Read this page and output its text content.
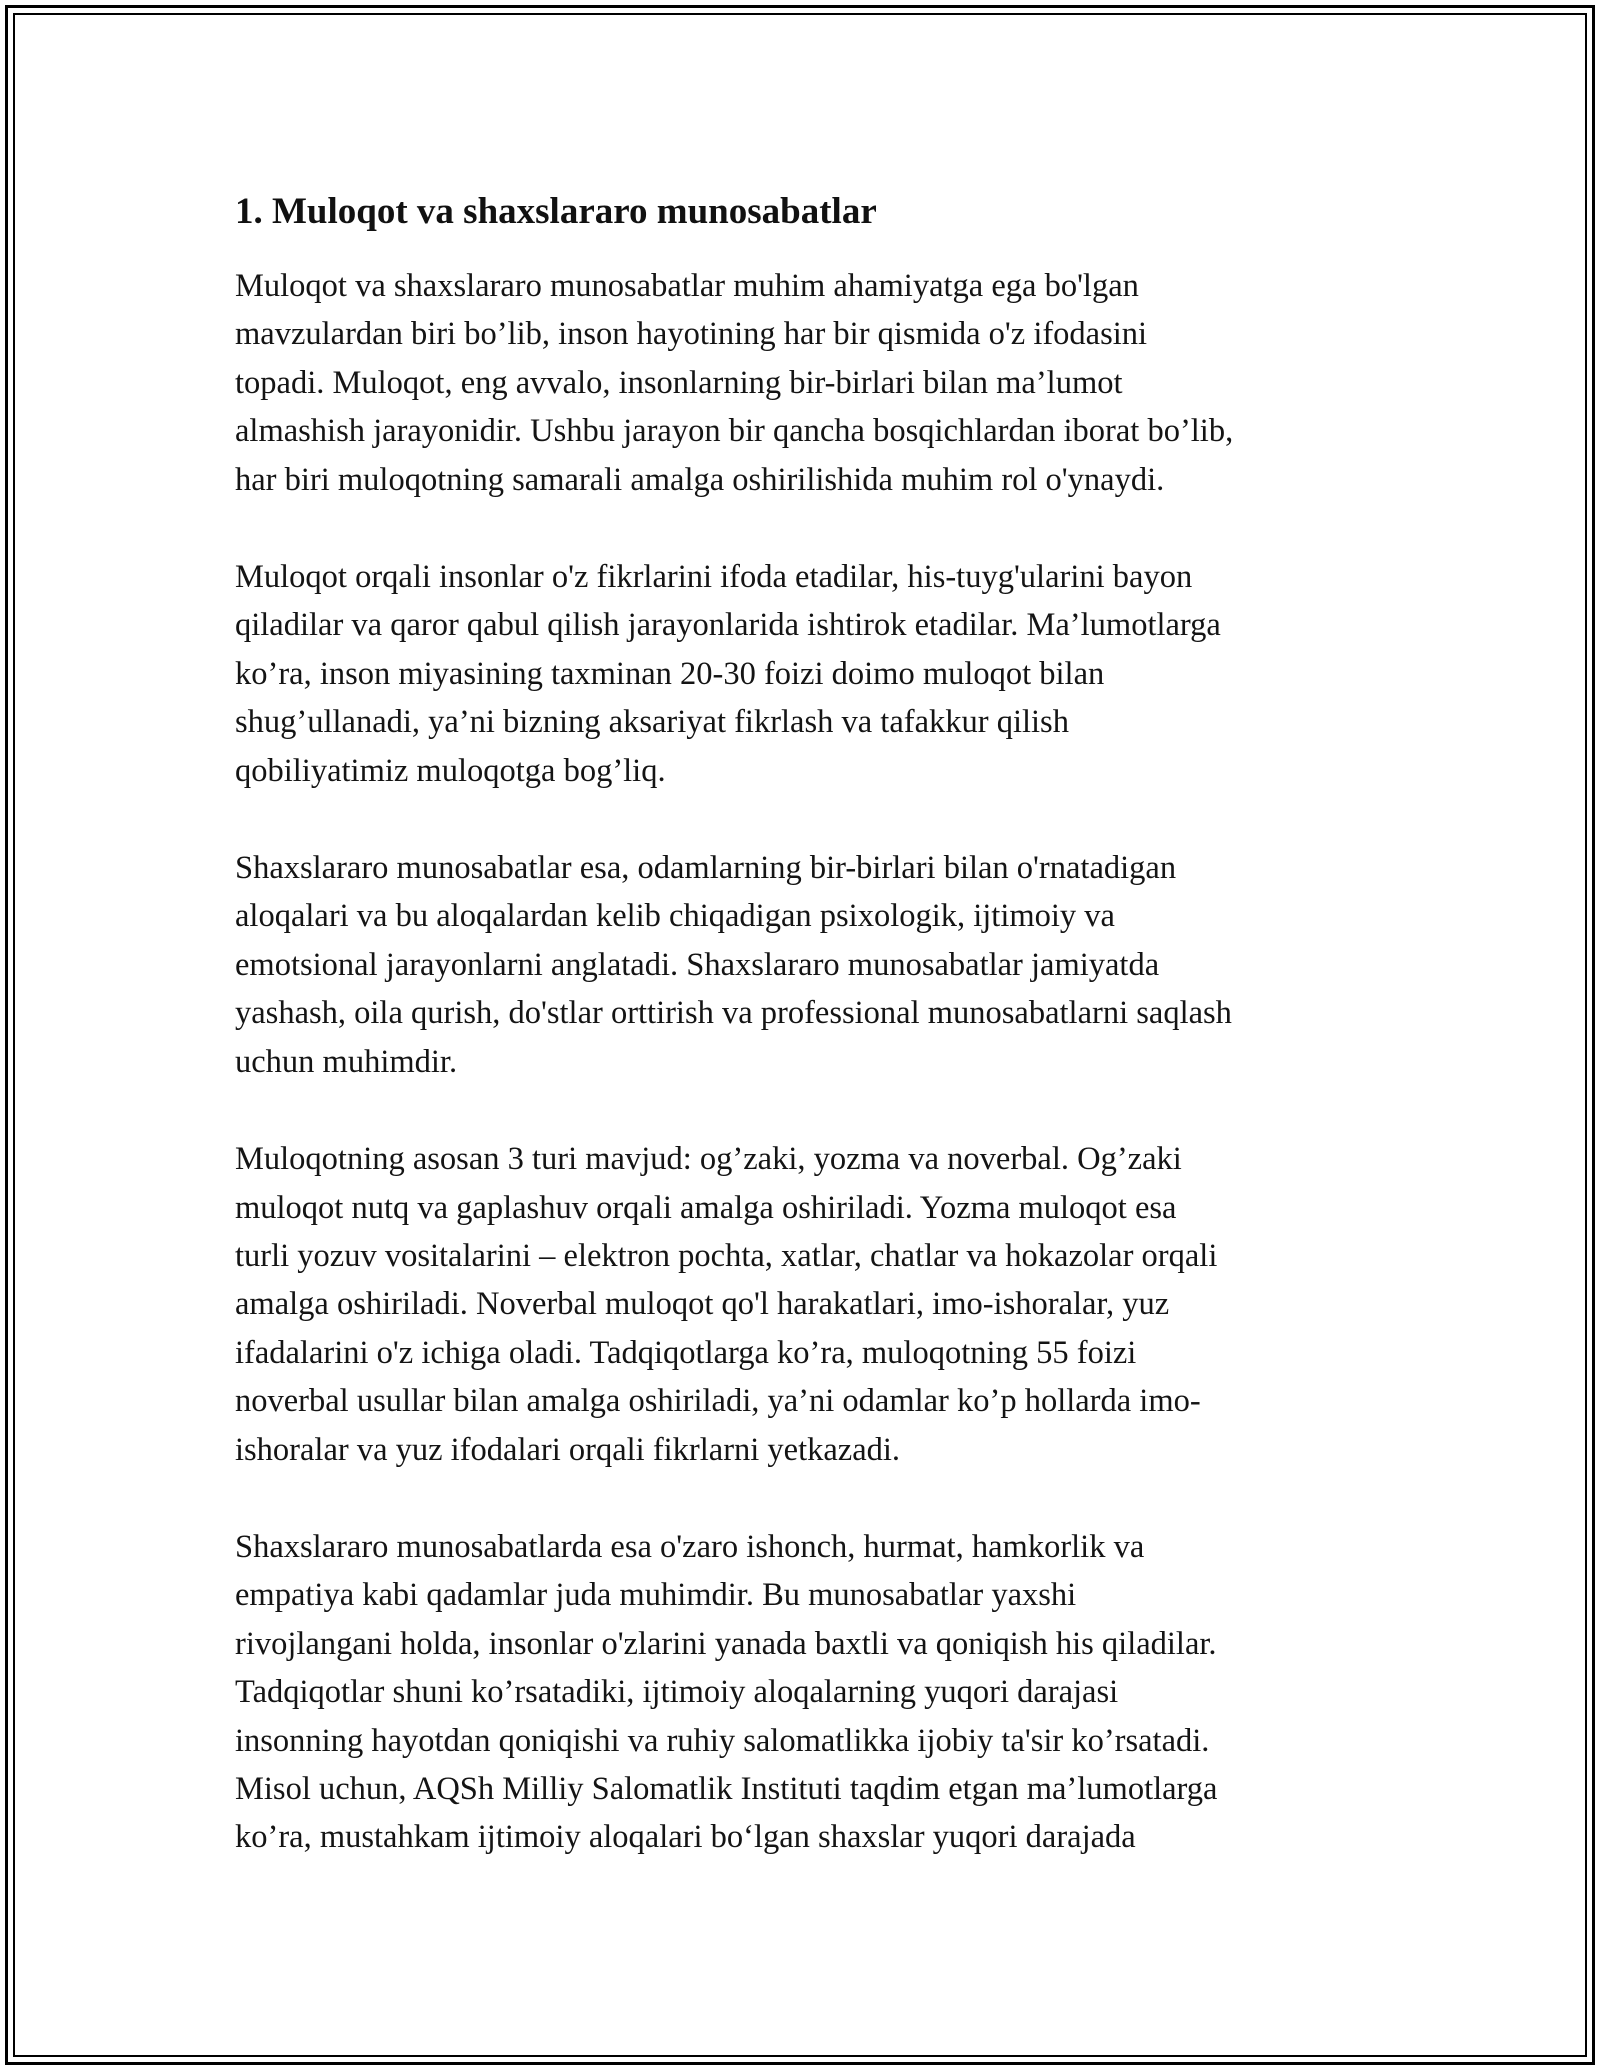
1. Muloqot va shaxslararo munosabatlar

Muloqot va shaxslararo munosabatlar muhim ahamiyatga ega bo'lgan
mavzulardan biri bo’lib, inson hayotining har bir qismida o'z ifodasini
topadi. Muloqot, eng avvalo, insonlarning bir-birlari bilan ma’lumot
almashish jarayonidir. Ushbu jarayon bir qancha bosqichlardan iborat bo’lib,
har biri muloqotning samarali amalga oshirilishida muhim rol o'ynaydi.

Muloqot orqali insonlar o'z fikrlarini ifoda etadilar, his-tuyg'ularini bayon
qiladilar va qaror qabul qilish jarayonlarida ishtirok etadilar. Ma’lumotlarga
ko’ra, inson miyasining taxminan 20-30 foizi doimo muloqot bilan
shug’ullanadi, ya’ni bizning aksariyat fikrlash va tafakkur qilish
qobiliyatimiz muloqotga bog’liq.

Shaxslararo munosabatlar esa, odamlarning bir-birlari bilan o'rnatadigan
aloqalari va bu aloqalardan kelib chiqadigan psixologik, ijtimoiy va
emotsional jarayonlarni anglatadi. Shaxslararo munosabatlar jamiyatda
yashash, oila qurish, do'stlar orttirish va professional munosabatlarni saqlash
uchun muhimdir.

Muloqotning asosan 3 turi mavjud: og’zaki, yozma va noverbal. Og’zaki
muloqot nutq va gaplashuv orqali amalga oshiriladi. Yozma muloqot esa
turli yozuv vositalarini – elektron pochta, xatlar, chatlar va hokazolar orqali
amalga oshiriladi. Noverbal muloqot qo'l harakatlari, imo-ishoralar, yuz
ifadalarini o'z ichiga oladi. Tadqiqotlarga ko’ra, muloqotning 55 foizi
noverbal usullar bilan amalga oshiriladi, ya’ni odamlar ko’p hollarda imo-
ishoralar va yuz ifodalari orqali fikrlarni yetkazadi.

Shaxslararo munosabatlarda esa o'zaro ishonch, hurmat, hamkorlik va
empatiya kabi qadamlar juda muhimdir. Bu munosabatlar yaxshi
rivojlangani holda, insonlar o'zlarini yanada baxtli va qoniqish his qiladilar.
Tadqiqotlar shuni ko’rsatadiki, ijtimoiy aloqalarning yuqori darajasi
insonning hayotdan qoniqishi va ruhiy salomatlikka ijobiy ta'sir ko’rsatadi.
Misol uchun, AQSh Milliy Salomatlik Instituti taqdim etgan ma’lumotlarga
ko’ra, mustahkam ijtimoiy aloqalari bo‘lgan shaxslar yuqori darajada
